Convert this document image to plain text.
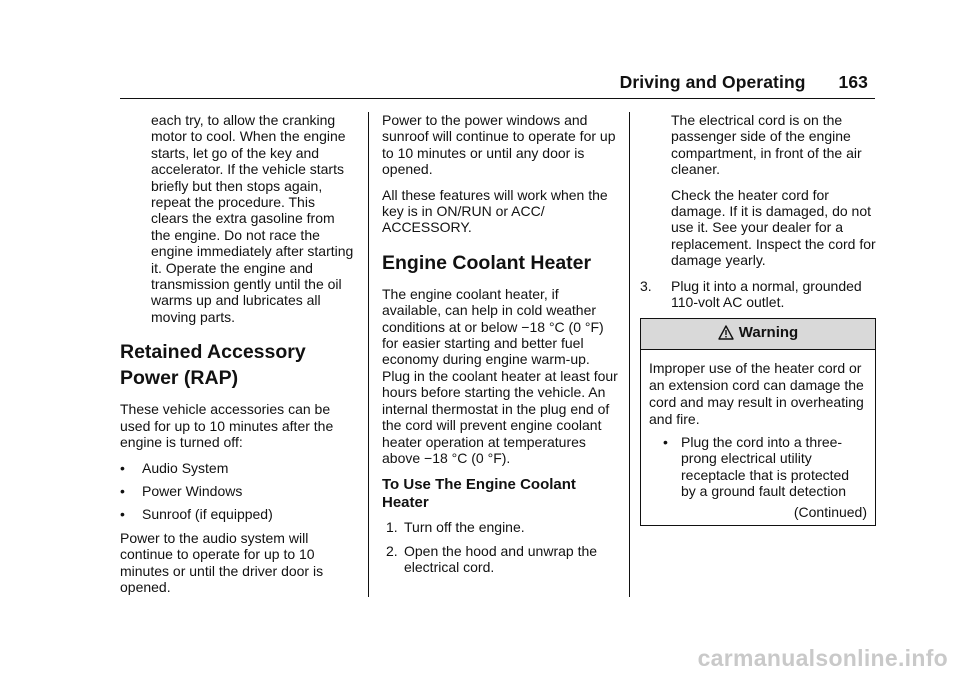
Driving and Operating 163

each try, to allow the cranking motor to cool. When the engine starts, let go of the key and accelerator. If the vehicle starts briefly but then stops again, repeat the procedure. This clears the extra gasoline from the engine. Do not race the engine immediately after starting it. Operate the engine and transmission gently until the oil warms up and lubricates all moving parts.

Retained Accessory Power (RAP)

These vehicle accessories can be used for up to 10 minutes after the engine is turned off:

• Audio System
• Power Windows
• Sunroof (if equipped)

Power to the audio system will continue to operate for up to 10 minutes or until the driver door is opened.

Power to the power windows and sunroof will continue to operate for up to 10 minutes or until any door is opened.

All these features will work when the key is in ON/RUN or ACC/ ACCESSORY.

Engine Coolant Heater

The engine coolant heater, if available, can help in cold weather conditions at or below −18 °C (0 °F) for easier starting and better fuel economy during engine warm-up. Plug in the coolant heater at least four hours before starting the vehicle. An internal thermostat in the plug end of the cord will prevent engine coolant heater operation at temperatures above −18 °C (0 °F).

To Use The Engine Coolant Heater
1. Turn off the engine.
2. Open the hood and unwrap the electrical cord.

The electrical cord is on the passenger side of the engine compartment, in front of the air cleaner.

Check the heater cord for damage. If it is damaged, do not use it. See your dealer for a replacement. Inspect the cord for damage yearly.

3. Plug it into a normal, grounded 110-volt AC outlet.
Warning

Improper use of the heater cord or an extension cord can damage the cord and may result in overheating and fire.

• Plug the cord into a three-prong electrical utility receptacle that is protected by a ground fault detection
(Continued)
carmanualsonline.info
